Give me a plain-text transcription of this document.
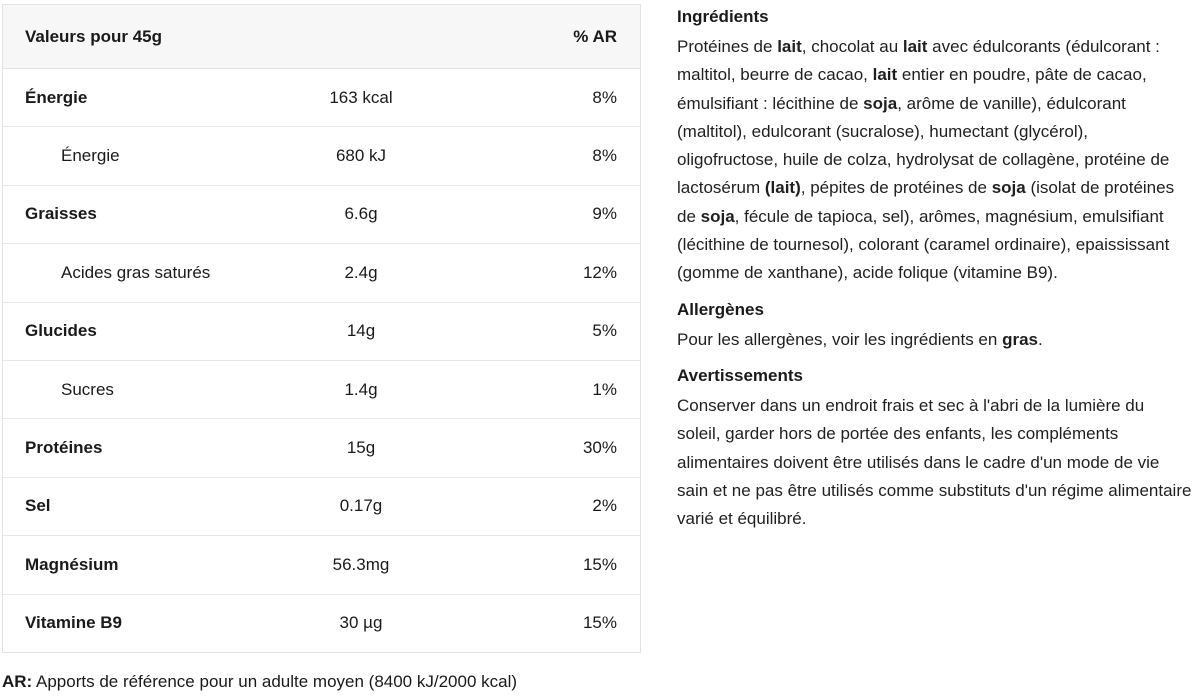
Valeurs pour 45g		% AR
Énergie	163 kcal	8%
Énergie	680 kJ	8%
Graisses	6.6g	9%
Acides gras saturés	2.4g	12%
Glucides	14g	5%
Sucres	1.4g	1%
Protéines	15g	30%
Sel	0.17g	2%
Magnésium	56.3mg	15%
Vitamine B9	30 µg	15%
AR: Apports de référence pour un adulte moyen (8400 kJ/2000 kcal)
Ingrédients

Protéines de lait, chocolat au lait avec édulcorants (édulcorant : maltitol, beurre de cacao, lait entier en poudre, pâte de cacao, émulsifiant : lécithine de soja, arôme de vanille), édulcorant (maltitol), edulcorant (sucralose), humectant (glycérol), oligofructose, huile de colza, hydrolysat de collagène, protéine de lactosérum (lait), pépites de protéines de soja (isolat de protéines de soja, fécule de tapioca, sel), arômes, magnésium, emulsifiant (lécithine de tournesol), colorant (caramel ordinaire), epaississant (gomme de xanthane), acide folique (vitamine B9).

Allergènes

Pour les allergènes, voir les ingrédients en gras.

Avertissements

Conserver dans un endroit frais et sec à l'abri de la lumière du soleil, garder hors de portée des enfants, les compléments alimentaires doivent être utilisés dans le cadre d'un mode de vie sain et ne pas être utilisés comme substituts d'un régime alimentaire varié et équilibré.
